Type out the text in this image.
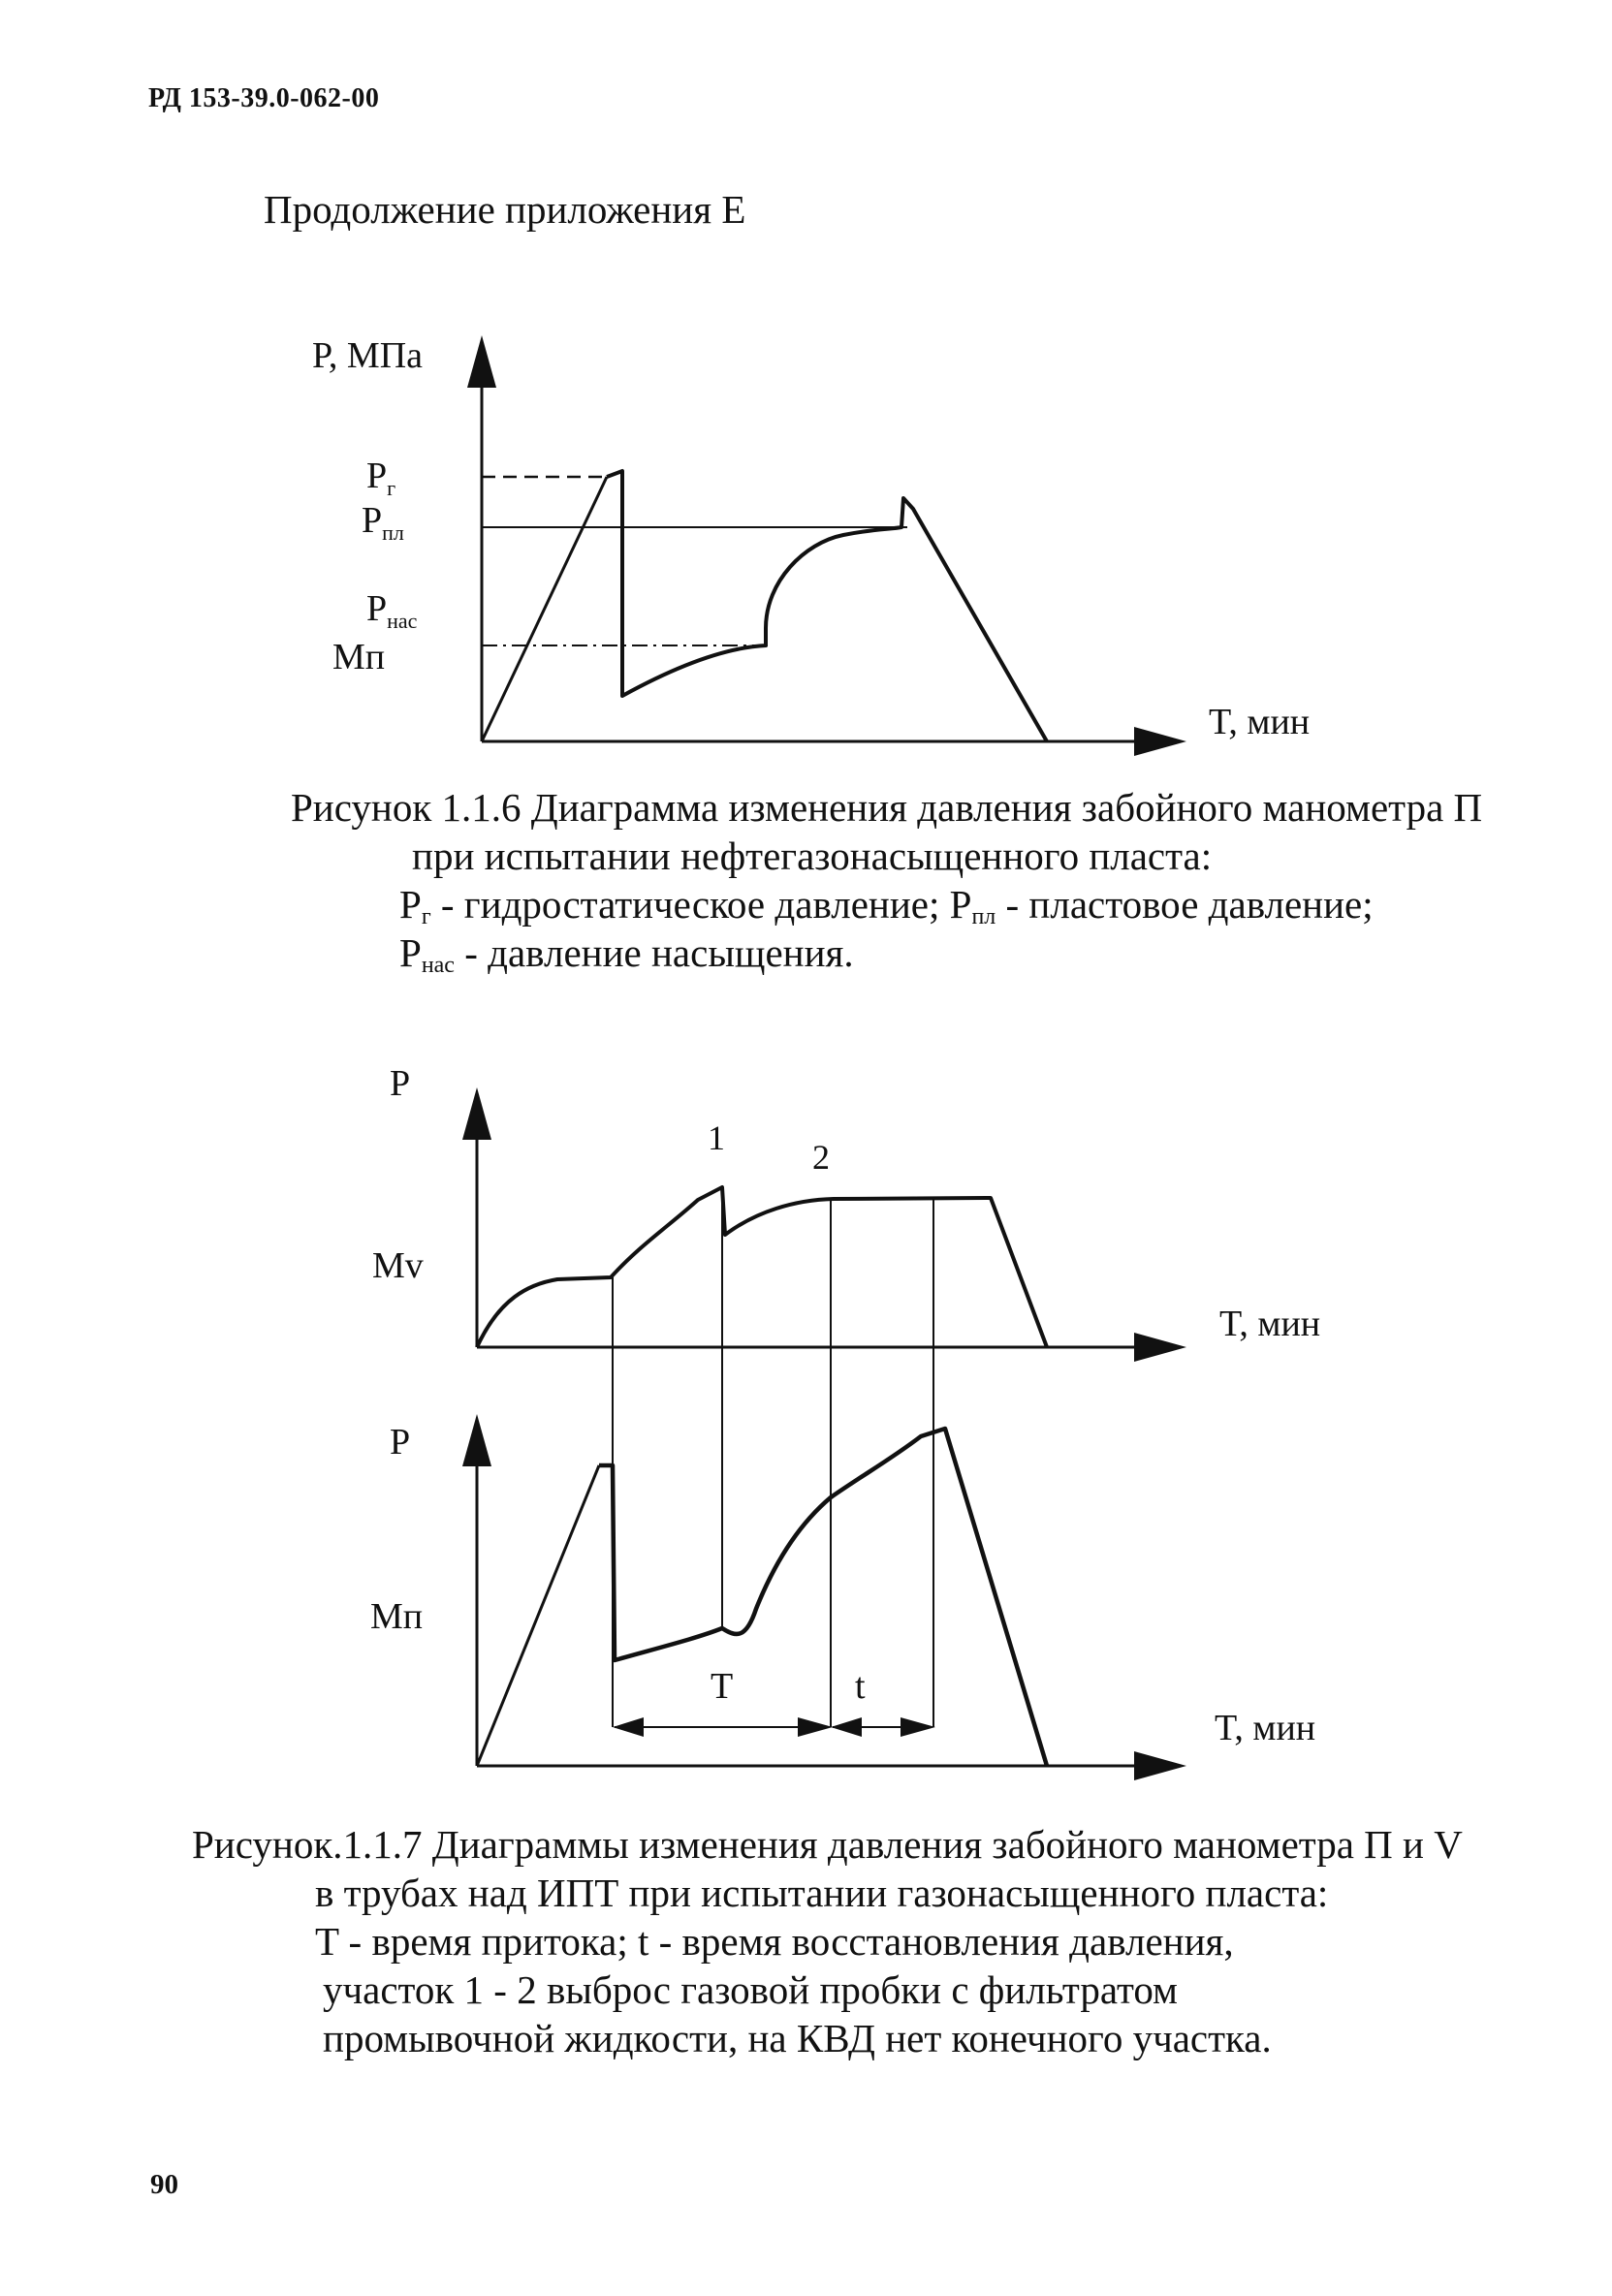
РД 153-39.0-062-00
Продолжение приложения Е
P, МПа
T, мин
$P_г$
$P_{пл}$
$P_{нас}$
Мп
Рисунок 1.1.6 Диаграмма изменения давления забойного манометра П
при испытании нефтегазонасыщенного пласта:
$P_г$ - гидростатическое давление; $P_{пл}$ - пластовое давление;
$P_{нас}$ - давление насыщения.
P
Мv
T, мин
1	2
P
Мп
T, мин
T	t
Рисунок.1.1.7 Диаграммы изменения давления забойного манометра П и V
в трубах над ИПТ при испытании газонасыщенного пласта:
T - время притока; t - время восстановления давления,
участок 1 - 2 выброс газовой пробки с фильтратом
промывочной жидкости, на КВД нет конечного участка.
90
